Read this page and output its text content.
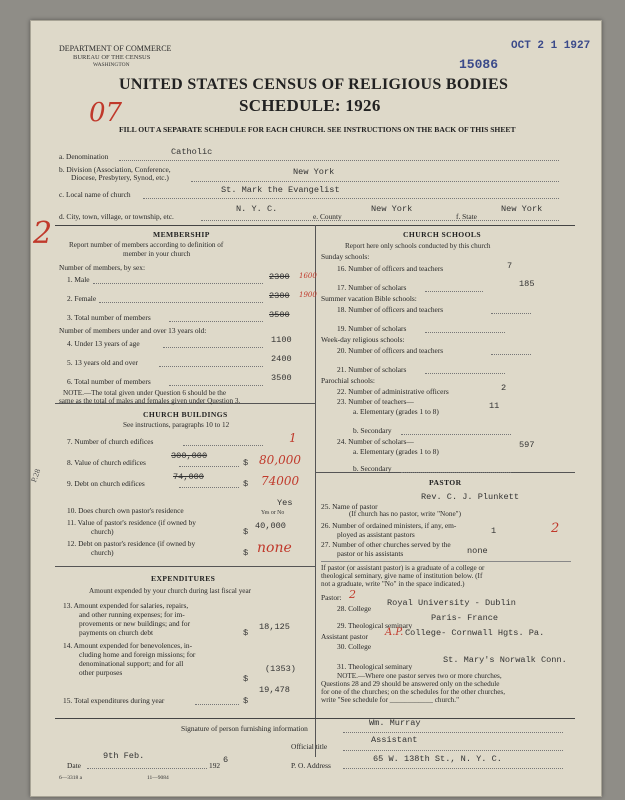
DEPARTMENT OF COMMERCE
BUREAU OF THE CENSUS
WASHINGTON
OCT 2 1 1927
15086
UNITED STATES CENSUS OF RELIGIOUS BODIES
SCHEDULE: 1926
07
FILL OUT A SEPARATE SCHEDULE FOR EACH CHURCH. SEE INSTRUCTIONS ON THE BACK OF THIS SHEET
2
P.28
a. Denomination	Catholic
b. Division (Association, Conference,
Diocese, Presbytery, Synod, etc.)
New York
c. Local name of church	St. Mark the Evangelist
d. City, town, village, or township, etc.
N. Y. C.
e. County
New York
f. State
New York
MEMBERSHIP
Report number of members according to definition of
member in your church
Number of members, by sex:
1. Male	2300 1600
2. Female	2300 1900
3. Total number of members	3500
Number of members under and over 13 years old:
4. Under 13 years of age	1100
5. 13 years old and over	2400
6. Total number of members	3500
NOTE.—The total given under Question 6 should be the
same as the total of males and females given under Question 3.
CHURCH BUILDINGS
See instructions, paragraphs 10 to 12
7. Number of church edifices	1
8. Value of church edifices	$
300,000	80,000
9. Debt on church edifices	$
74,000	74000
10. Does church own pastor's residence
Yes
Yes or No
11. Value of pastor's residence (if owned by
church)	$
40,000
12. Debt on pastor's residence (if owned by
church)	$ none
EXPENDITURES
Amount expended by your church during last fiscal year
13. Amount expended for salaries, repairs,
and other running expenses; for im-
provements or new buildings; and for
payments on church debt	$
18,125
14. Amount expended for benevolences, in-
cluding home and foreign missions; for
denominational support; and for all
other purposes
$
(1353)
15. Total expenditures during year	$
19,478
CHURCH SCHOOLS
Report here only schools conducted by this church
Sunday schools:
16. Number of officers and teachers	7
17. Number of scholars	185
Summer vacation Bible schools:
18. Number of officers and teachers
19. Number of scholars
Week-day religious schools:
20. Number of officers and teachers
21. Number of scholars
Parochial schools:
22. Number of administrative officers	2
23. Number of teachers—
a. Elementary (grades 1 to 8)
11
b. Secondary
24. Number of scholars—
a. Elementary (grades 1 to 8)
597
b. Secondary
PASTOR
25. Name of pastor
Rev. C. J. Plunkett
(If church has no pastor, write "None")
26. Number of ordained ministers, if any, em-
ployed as assistant pastors	1	2
27. Number of other churches served by the
pastor or his assistants	none
If pastor (or assistant pastor) is a graduate of a college or
theological seminary, give name of institution below. (If
not a graduate, write "No" in the space indicated.)
Pastor: 2
28. College
Royal University - Dublin
29. Theological seminary
Paris- France
Assistant pastor A.P.
30. College
College- Cornwall Hgts. Pa.
31. Theological seminary
St. Mary's Norwalk Conn.
NOTE.—Where one pastor serves two or more churches,
Questions 28 and 29 should be answered only on the schedule
for one of the churches; on the schedules for the other churches,
write "See schedule for ____________ church."
Signature of person furnishing information
Wm. Murray
Official title
Assistant
Date
9th Feb.
192
6
P. O. Address
65 W. 138th St., N. Y. C.
6—3318 a	11—9084
